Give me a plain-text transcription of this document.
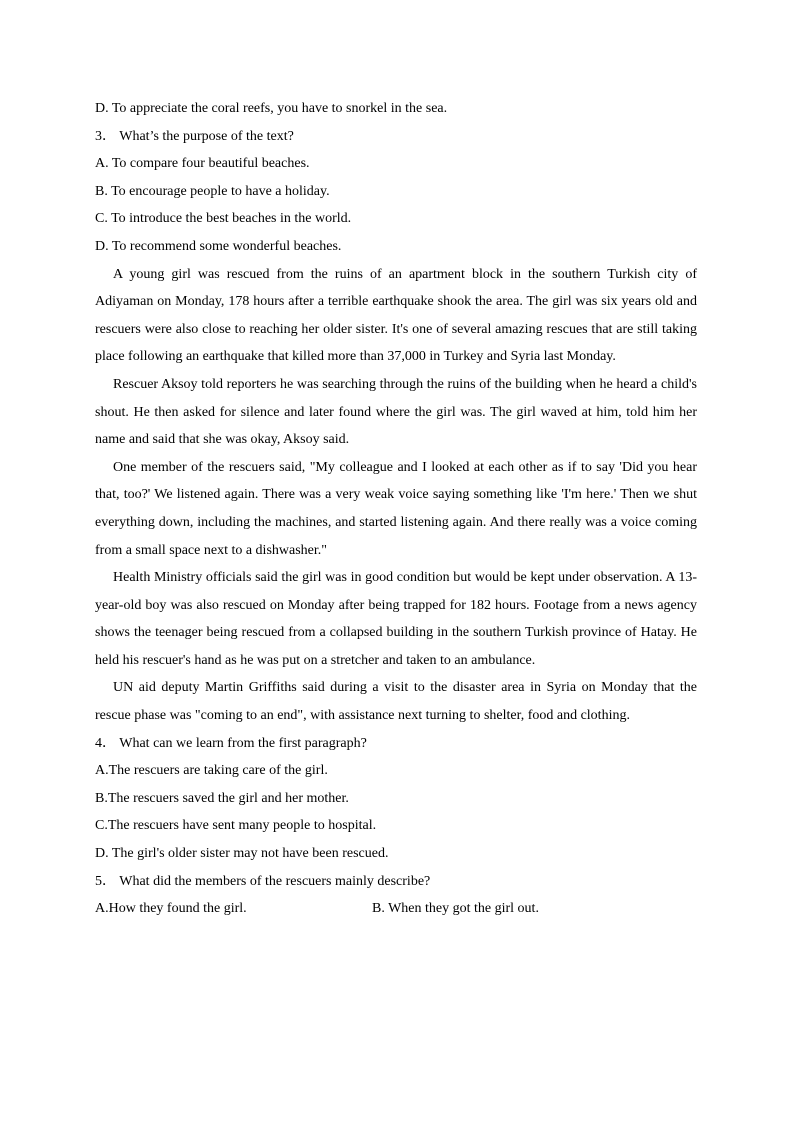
D. To appreciate the coral reefs, you have to snorkel in the sea.

3． What’s the purpose of the text?

A. To compare four beautiful beaches.

B. To encourage people to have a holiday.

C. To introduce the best beaches in the world.

D. To recommend some wonderful beaches.

A young girl was rescued from the ruins of an apartment block in the southern Turkish city of Adiyaman on Monday, 178 hours after a terrible earthquake shook the area. The girl was six years old and rescuers were also close to reaching her older sister. It's one of several amazing rescues that are still taking place following an earthquake that killed more than 37,000 in Turkey and Syria last Monday.

Rescuer Aksoy told reporters he was searching through the ruins of the building when he heard a child's shout. He then asked for silence and later found where the girl was. The girl waved at him, told him her name and said that she was okay, Aksoy said.

One member of the rescuers said, "My colleague and I looked at each other as if to say 'Did you hear that, too?' We listened again. There was a very weak voice saying something like 'I'm here.' Then we shut everything down, including the machines, and started listening again. And there really was a voice coming from a small space next to a dishwasher."

Health Ministry officials said the girl was in good condition but would be kept under observation. A 13-year-old boy was also rescued on Monday after being trapped for 182 hours. Footage from a news agency shows the teenager being rescued from a collapsed building in the southern Turkish province of Hatay. He held his rescuer's hand as he was put on a stretcher and taken to an ambulance.

UN aid deputy Martin Griffiths said during a visit to the disaster area in Syria on Monday that the rescue phase was "coming to an end", with assistance next turning to shelter, food and clothing.

4． What can we learn from the first paragraph?

A.The rescuers are taking care of the girl.

B.The rescuers saved the girl and her mother.

C.The rescuers have sent many people to hospital.

D. The girl's older sister may not have been rescued.

5． What did the members of the rescuers mainly describe?

A.How they found the girl.	B. When they got the girl out.
